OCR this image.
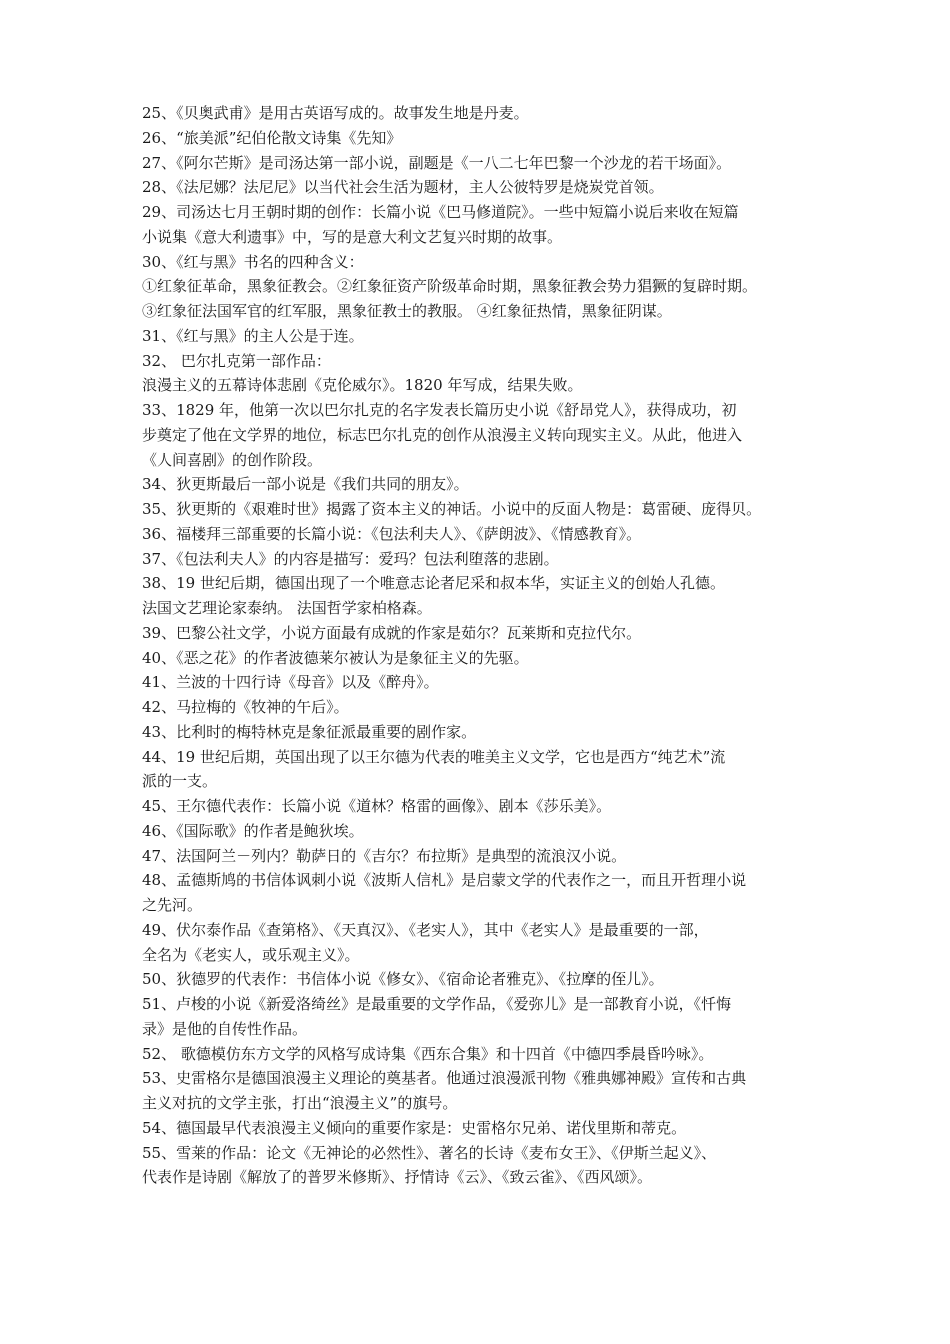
25、《贝奥武甫》是用古英语写成的。故事发生地是丹麦。
26、“旅美派”纪伯伦散文诗集《先知》
27、《阿尔芒斯》是司汤达第一部小说，副题是《一八二七年巴黎一个沙龙的若干场面》。
28、《法尼娜？法尼尼》以当代社会生活为题材，主人公彼特罗是烧炭党首领。
29、司汤达七月王朝时期的创作：长篇小说《巴马修道院》。一些中短篇小说后来收在短篇
小说集《意大利遗事》中，写的是意大利文艺复兴时期的故事。
30、《红与黑》书名的四种含义：
①红象征革命，黑象征教会。②红象征资产阶级革命时期，黑象征教会势力猖獗的复辟时期。
③红象征法国军官的红军服，黑象征教士的教服。 ④红象征热情，黑象征阴谋。
31、《红与黑》的主人公是于连。
32、 巴尔扎克第一部作品：
浪漫主义的五幕诗体悲剧《克伦威尔》。1820 年写成，结果失败。
33、1829 年，他第一次以巴尔扎克的名字发表长篇历史小说《舒昂党人》，获得成功，初
步奠定了他在文学界的地位，标志巴尔扎克的创作从浪漫主义转向现实主义。从此，他进入
《人间喜剧》的创作阶段。
34、狄更斯最后一部小说是《我们共同的朋友》。
35、狄更斯的《艰难时世》揭露了资本主义的神话。小说中的反面人物是：葛雷硬、庞得贝。
36、福楼拜三部重要的长篇小说：《包法利夫人》、《萨朗波》、《情感教育》。
37、《包法利夫人》的内容是描写：爱玛？包法利堕落的悲剧。
38、19 世纪后期，德国出现了一个唯意志论者尼采和叔本华，实证主义的创始人孔德。
法国文艺理论家泰纳。 法国哲学家柏格森。
39、巴黎公社文学，小说方面最有成就的作家是茹尔？瓦莱斯和克拉代尔。
40、《恶之花》的作者波德莱尔被认为是象征主义的先驱。
41、兰波的十四行诗《母音》以及《醉舟》。
42、马拉梅的《牧神的午后》。
43、比利时的梅特林克是象征派最重要的剧作家。
44、19 世纪后期，英国出现了以王尔德为代表的唯美主义文学，它也是西方“纯艺术”流
派的一支。
45、王尔德代表作：长篇小说《道林？格雷的画像》、剧本《莎乐美》。
46、《国际歌》的作者是鲍狄埃。
47、法国阿兰－列内？勒萨日的《吉尔？布拉斯》是典型的流浪汉小说。
48、孟德斯鸠的书信体讽刺小说《波斯人信札》是启蒙文学的代表作之一，而且开哲理小说
之先河。
49、伏尔泰作品《查第格》、《天真汉》、《老实人》，其中《老实人》是最重要的一部，
全名为《老实人，或乐观主义》。
50、狄德罗的代表作：书信体小说《修女》、《宿命论者雅克》、《拉摩的侄儿》。
51、卢梭的小说《新爱洛绮丝》是最重要的文学作品，《爱弥儿》是一部教育小说，《忏悔
录》是他的自传性作品。
52、 歌德模仿东方文学的风格写成诗集《西东合集》和十四首《中德四季晨昏吟咏》。
53、史雷格尔是德国浪漫主义理论的奠基者。他通过浪漫派刊物《雅典娜神殿》宣传和古典
主义对抗的文学主张，打出“浪漫主义”的旗号。
54、德国最早代表浪漫主义倾向的重要作家是：史雷格尔兄弟、诺伐里斯和蒂克。
55、雪莱的作品：论文《无神论的必然性》、著名的长诗《麦布女王》、《伊斯兰起义》、
代表作是诗剧《解放了的普罗米修斯》、抒情诗《云》、《致云雀》、《西风颂》。
